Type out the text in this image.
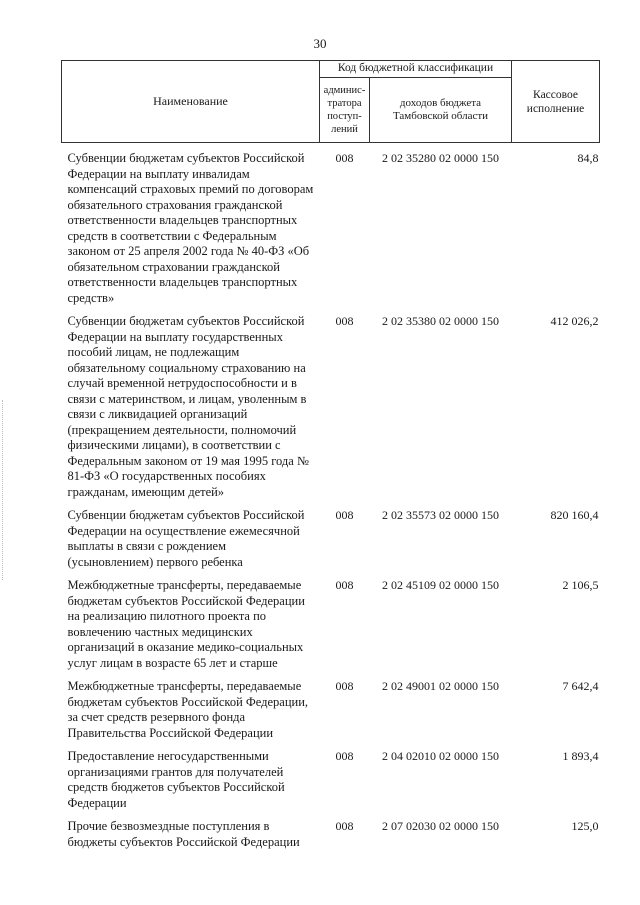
30
Наименование	Код бюджетной классификации		Кассовое исполнение
	админис-тратора поступ-лений	доходов бюджета Тамбовской области	
Субвенции бюджетам субъектов Российской Федерации на выплату инвалидам компенсаций страховых премий по договорам обязательного страхования гражданской ответственности владельцев транспортных средств в соответствии с Федеральным законом от 25 апреля 2002 года № 40-ФЗ «Об обязательном страховании гражданской ответственности владельцев транспортных средств»	008	2 02 35280 02 0000 150	84,8
Субвенции бюджетам субъектов Российской Федерации на выплату государственных пособий лицам, не подлежащим обязательному социальному страхованию на случай временной нетрудоспособности и в связи с материнством, и лицам, уволенным в связи с ликвидацией организаций (прекращением деятельности, полномочий физическими лицами), в соответствии с Федеральным законом от 19 мая 1995 года № 81-ФЗ «О государственных пособиях гражданам, имеющим детей»	008	2 02 35380 02 0000 150	412 026,2
Субвенции бюджетам субъектов Российской Федерации на осуществление ежемесячной выплаты в связи с рождением (усыновлением) первого ребенка	008	2 02 35573 02 0000 150	820 160,4
Межбюджетные трансферты, передаваемые бюджетам субъектов Российской Федерации на реализацию пилотного проекта по вовлечению частных медицинских организаций в оказание медико-социальных услуг лицам в возрасте 65 лет и старше	008	2 02 45109 02 0000 150	2 106,5
Межбюджетные трансферты, передаваемые бюджетам субъектов Российской Федерации, за счет средств резервного фонда Правительства Российской Федерации	008	2 02 49001 02 0000 150	7 642,4
Предоставление негосударственными организациями грантов для получателей средств бюджетов субъектов Российской Федерации	008	2 04 02010 02 0000 150	1 893,4
Прочие безвозмездные поступления в бюджеты субъектов Российской Федерации	008	2 07 02030 02 0000 150	125,0
